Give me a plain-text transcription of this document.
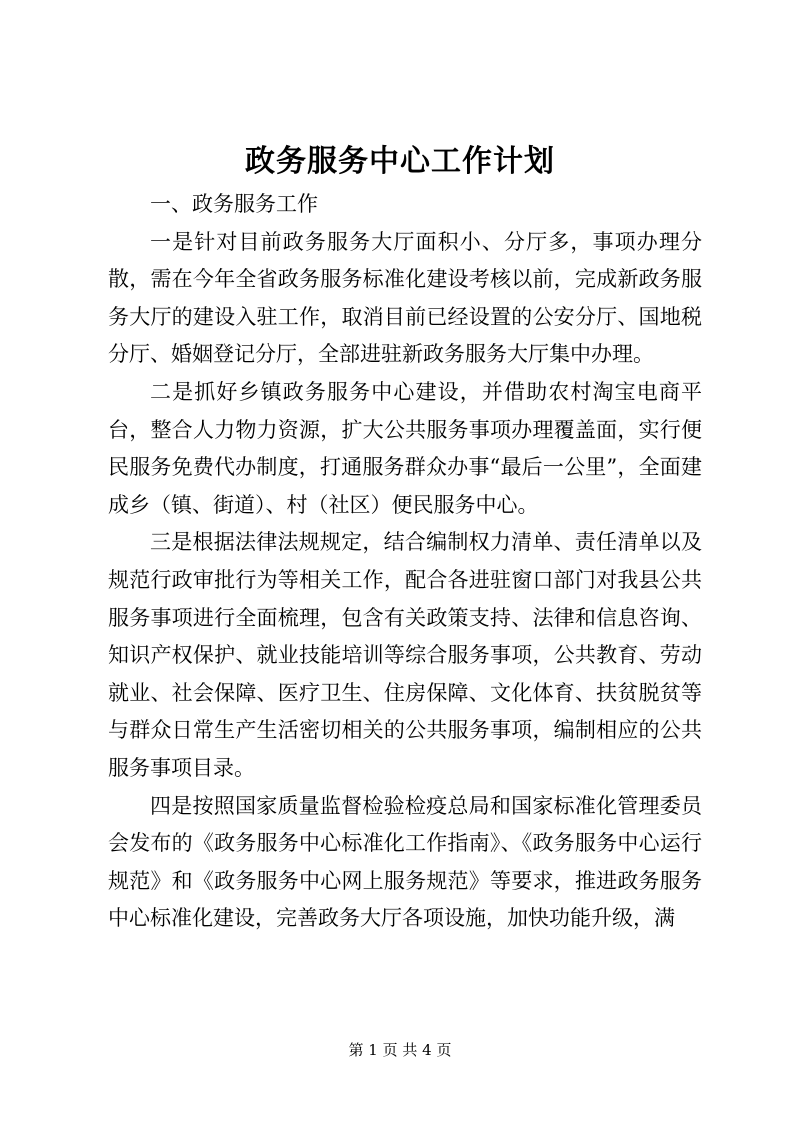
政务服务中心工作计划

一、政务服务工作

一是针对目前政务服务大厅面积小、分厅多，事项办理分散，需在今年全省政务服务标准化建设考核以前，完成新政务服务大厅的建设入驻工作，取消目前已经设置的公安分厅、国地税分厅、婚姻登记分厅，全部进驻新政务服务大厅集中办理。

二是抓好乡镇政务服务中心建设，并借助农村淘宝电商平台，整合人力物力资源，扩大公共服务事项办理覆盖面，实行便民服务免费代办制度，打通服务群众办事“最后一公里”，全面建成乡（镇、街道）、村（社区）便民服务中心。

三是根据法律法规规定，结合编制权力清单、责任清单以及规范行政审批行为等相关工作，配合各进驻窗口部门对我县公共服务事项进行全面梳理，包含有关政策支持、法律和信息咨询、知识产权保护、就业技能培训等综合服务事项，公共教育、劳动就业、社会保障、医疗卫生、住房保障、文化体育、扶贫脱贫等与群众日常生产生活密切相关的公共服务事项，编制相应的公共服务事项目录。

四是按照国家质量监督检验检疫总局和国家标准化管理委员会发布的《政务服务中心标准化工作指南》、《政务服务中心运行规范》和《政务服务中心网上服务规范》等要求，推进政务服务中心标准化建设，完善政务大厅各项设施，加快功能升级，满

第 1 页 共 4 页
